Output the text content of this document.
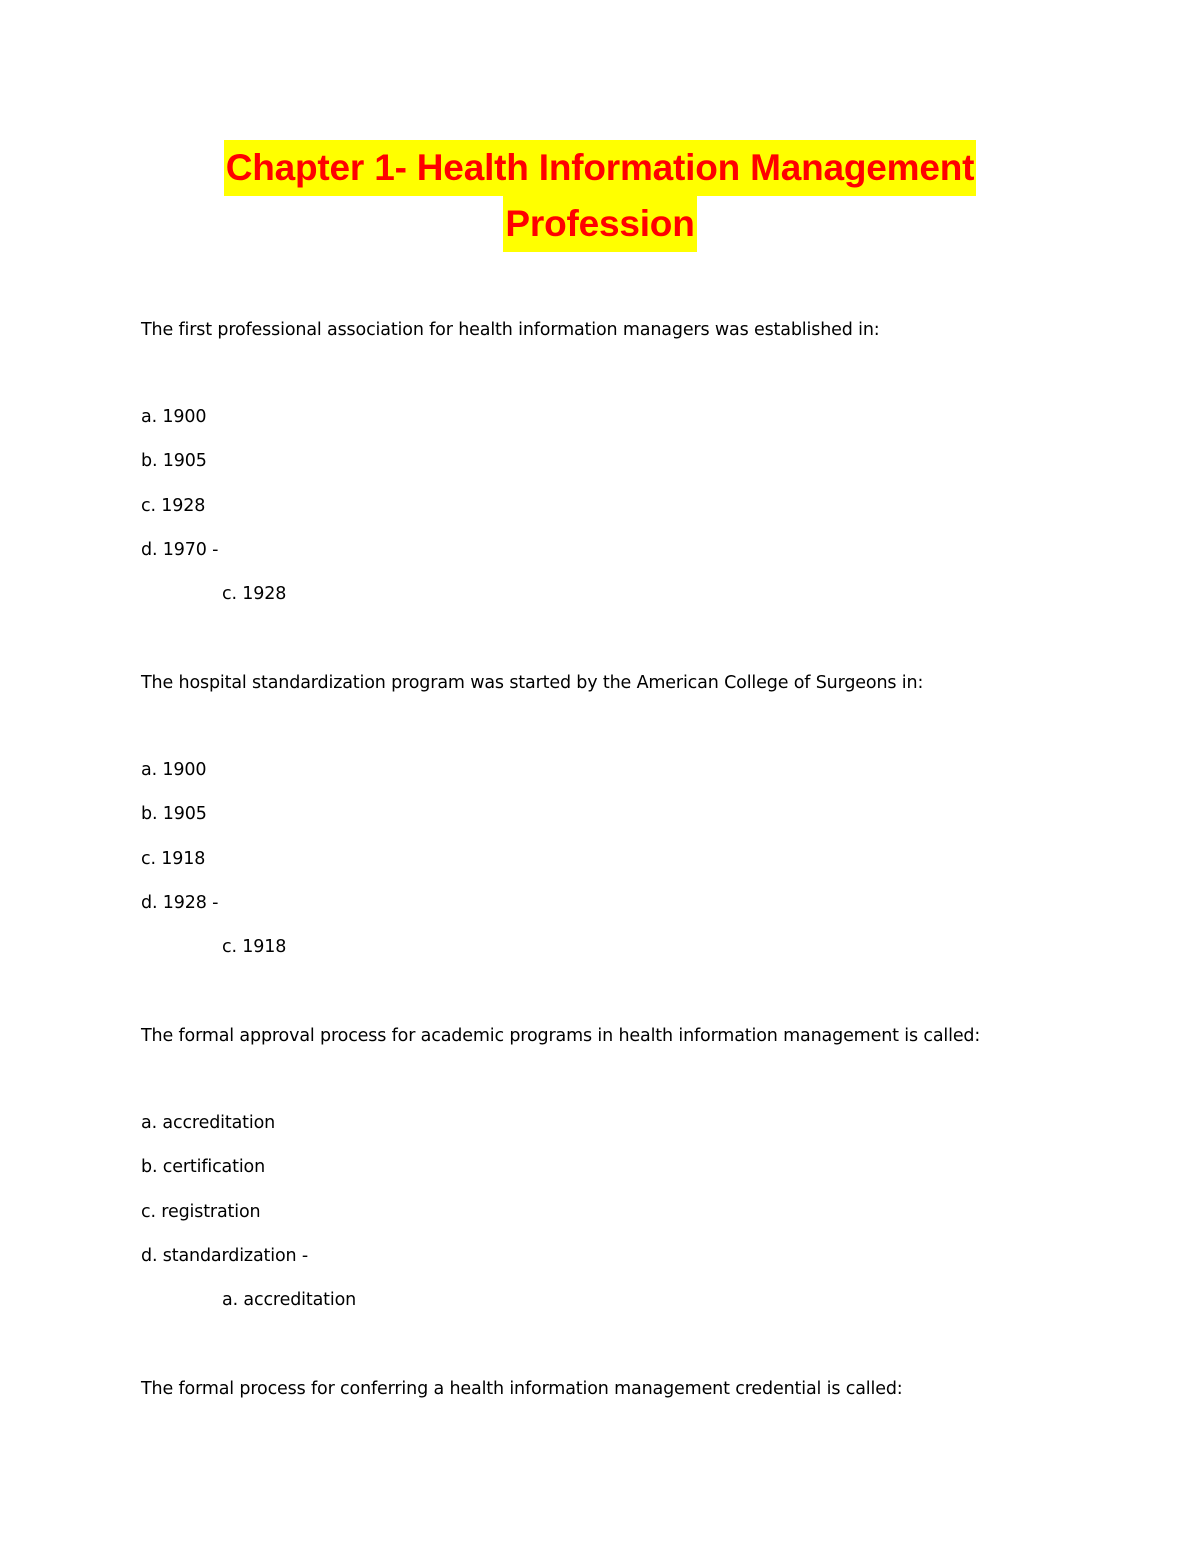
Chapter 1- Health Information Management
Profession
The first professional association for health information managers was established in:
a. 1900
b. 1905
c. 1928
d. 1970 -
c. 1928
The hospital standardization program was started by the American College of Surgeons in:
a. 1900
b. 1905
c. 1918
d. 1928 -
c. 1918
The formal approval process for academic programs in health information management is called:
a. accreditation
b. certification
c. registration
d. standardization -
a. accreditation
The formal process for conferring a health information management credential is called:
